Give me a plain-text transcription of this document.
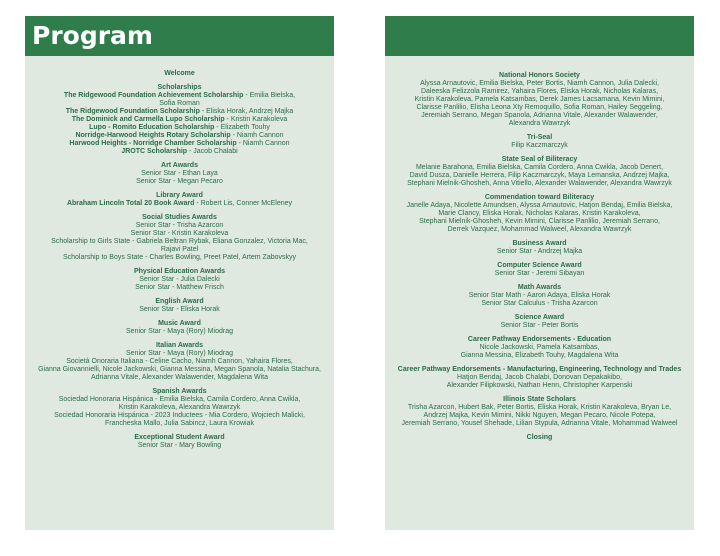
Program
Welcome
Scholarships
The Ridgewood Foundation Achievement Scholarship - Emilia Bielska,
Sofia Roman
The Ridgewood Foundation Scholarship - Eliska Horak, Andrzej Majka
The Dominick and Carmella Lupo Scholarship - Kristin Karakoleva
Lupo - Romito Education Scholarship - Elizabeth Touhy
Norridge-Harwood Heights Rotary Scholarship - Niamh Cannon
Harwood Heights - Norridge Chamber Scholarship - Niamh Cannon
JROTC Scholarship - Jacob Chalabi
Art Awards
Senior Star - Ethan Laya
Senior Star - Megan Pecaro
Library Award
Abraham Lincoln Total 20 Book Award - Robert Lis, Conner McEleney
Social Studies Awards
Senior Star - Trisha Azarcon
Senior Star - Kristin Karakoleva
Scholarship to Girls State - Gabriela Beltran Rybak, Eliana Gonzalez, Victoria Mac,
Rajavi Patel
Scholarship to Boys State - Charles Bowling, Preet Patel, Artem Zabovskyy
Physical Education Awards
Senior Star - Julia Dalecki
Senior Star - Matthew Frisch
English Award
Senior Star - Eliska Horak
Music Award
Senior Star - Maya (Rory) Miodrag
Italian Awards
Senior Star - Maya (Rory) Miodrag
Società Onoraria Italiana - Celine Cacho, Niamh Cannon, Yahaira Flores,
Gianna Giovannielli, Nicole Jackowski, Gianna Messina, Megan Spanola, Natalia Stachura,
Adrianna Vitale, Alexander Walawender, Magdalena Wita
Spanish Awards
Sociedad Honoraria Hispánica - Emilia Bielska, Camila Cordero, Anna Cwikla,
Kristin Karakoleva, Alexandra Wawrzyk
Sociedad Honoraria Hispánica - 2023 Inductees - Mia Cordero, Wojciech Malicki,
Francheska Mallo, Julia Sabincz, Laura Krowiak
Exceptional Student Award
Senior Star - Mary Bowling
National Honors Society
Alyssa Arnautovic, Emilia Bielska, Peter Bortis, Niamh Cannon, Julia Dalecki,
Daleeska Felizzola Ramirez, Yahaira Flores, Eliska Horak, Nicholas Kalaras,
Kristin Karakoleva, Pamela Katsambas, Derek James Lacsamana, Kevin Mimini,
Clarisse Panlilio, Elisha Leona Xty Remoquillo, Sofia Roman, Hailey Seggeling,
Jeremiah Serrano, Megan Spanola, Adrianna Vitale, Alexander Walawender,
Alexandra Wawrzyk
Tri-Seal
Filip Kaczmarczyk
State Seal of Biliteracy
Melanie Barahona, Emilia Bielska, Camila Cordero, Anna Cwikla, Jacob Denert,
David Dusza, Danielle Herrera, Filip Kaczmarczyk, Maya Lemanska, Andrzej Majka,
Stephani Mielnik-Ghosheh, Anna Vitiello, Alexander Walawender, Alexandra Wawrzyk
Commendation toward Biliteracy
Janelle Adaya, Nicolette Amundsen, Alyssa Arnautovic, Hatjon Bendaj, Emilia Bielska,
Marie Clancy, Eliska Horak, Nicholas Kalaras, Kristin Karakoleva,
Stephani Mielnik-Ghosheh, Kevin Mimini, Clarisse Panlilio, Jeremiah Serrano,
Derrek Vazquez, Mohammad Walweel, Alexandra Wawrzyk
Business Award
Senior Star - Andrzej Majka
Computer Science Award
Senior Star - Jeremi Sibayan
Math Awards
Senior Star Math - Aaron Adaya, Eliska Horak
Senior Star Calculus - Trisha Azarcon
Science Award
Senior Star - Peter Bortis
Career Pathway Endorsements - Education
Nicole Jackowski, Pamela Katsambas,
Gianna Messina, Elizabeth Touhy, Magdalena Wita
Career Pathway Endorsements - Manufacturing, Engineering, Technology and Trades
Hatjon Bendaj, Jacob Chalabi, Donovan Depakakibo,
Alexander Filipkowski, Nathan Henn, Christopher Karpenski
Illinois State Scholars
Trisha Azarcon, Hubert Bak, Peter Bortis, Eliska Horak, Kristin Karakoleva, Bryan Le,
Andrzej Majka, Kevin Mimini, Nikki Nguyen, Megan Pecaro, Nicole Potepa,
Jeremiah Serrano, Yousef Shehade, Lilian Stypula, Adrianna Vitale, Mohammad Walweel
Closing
